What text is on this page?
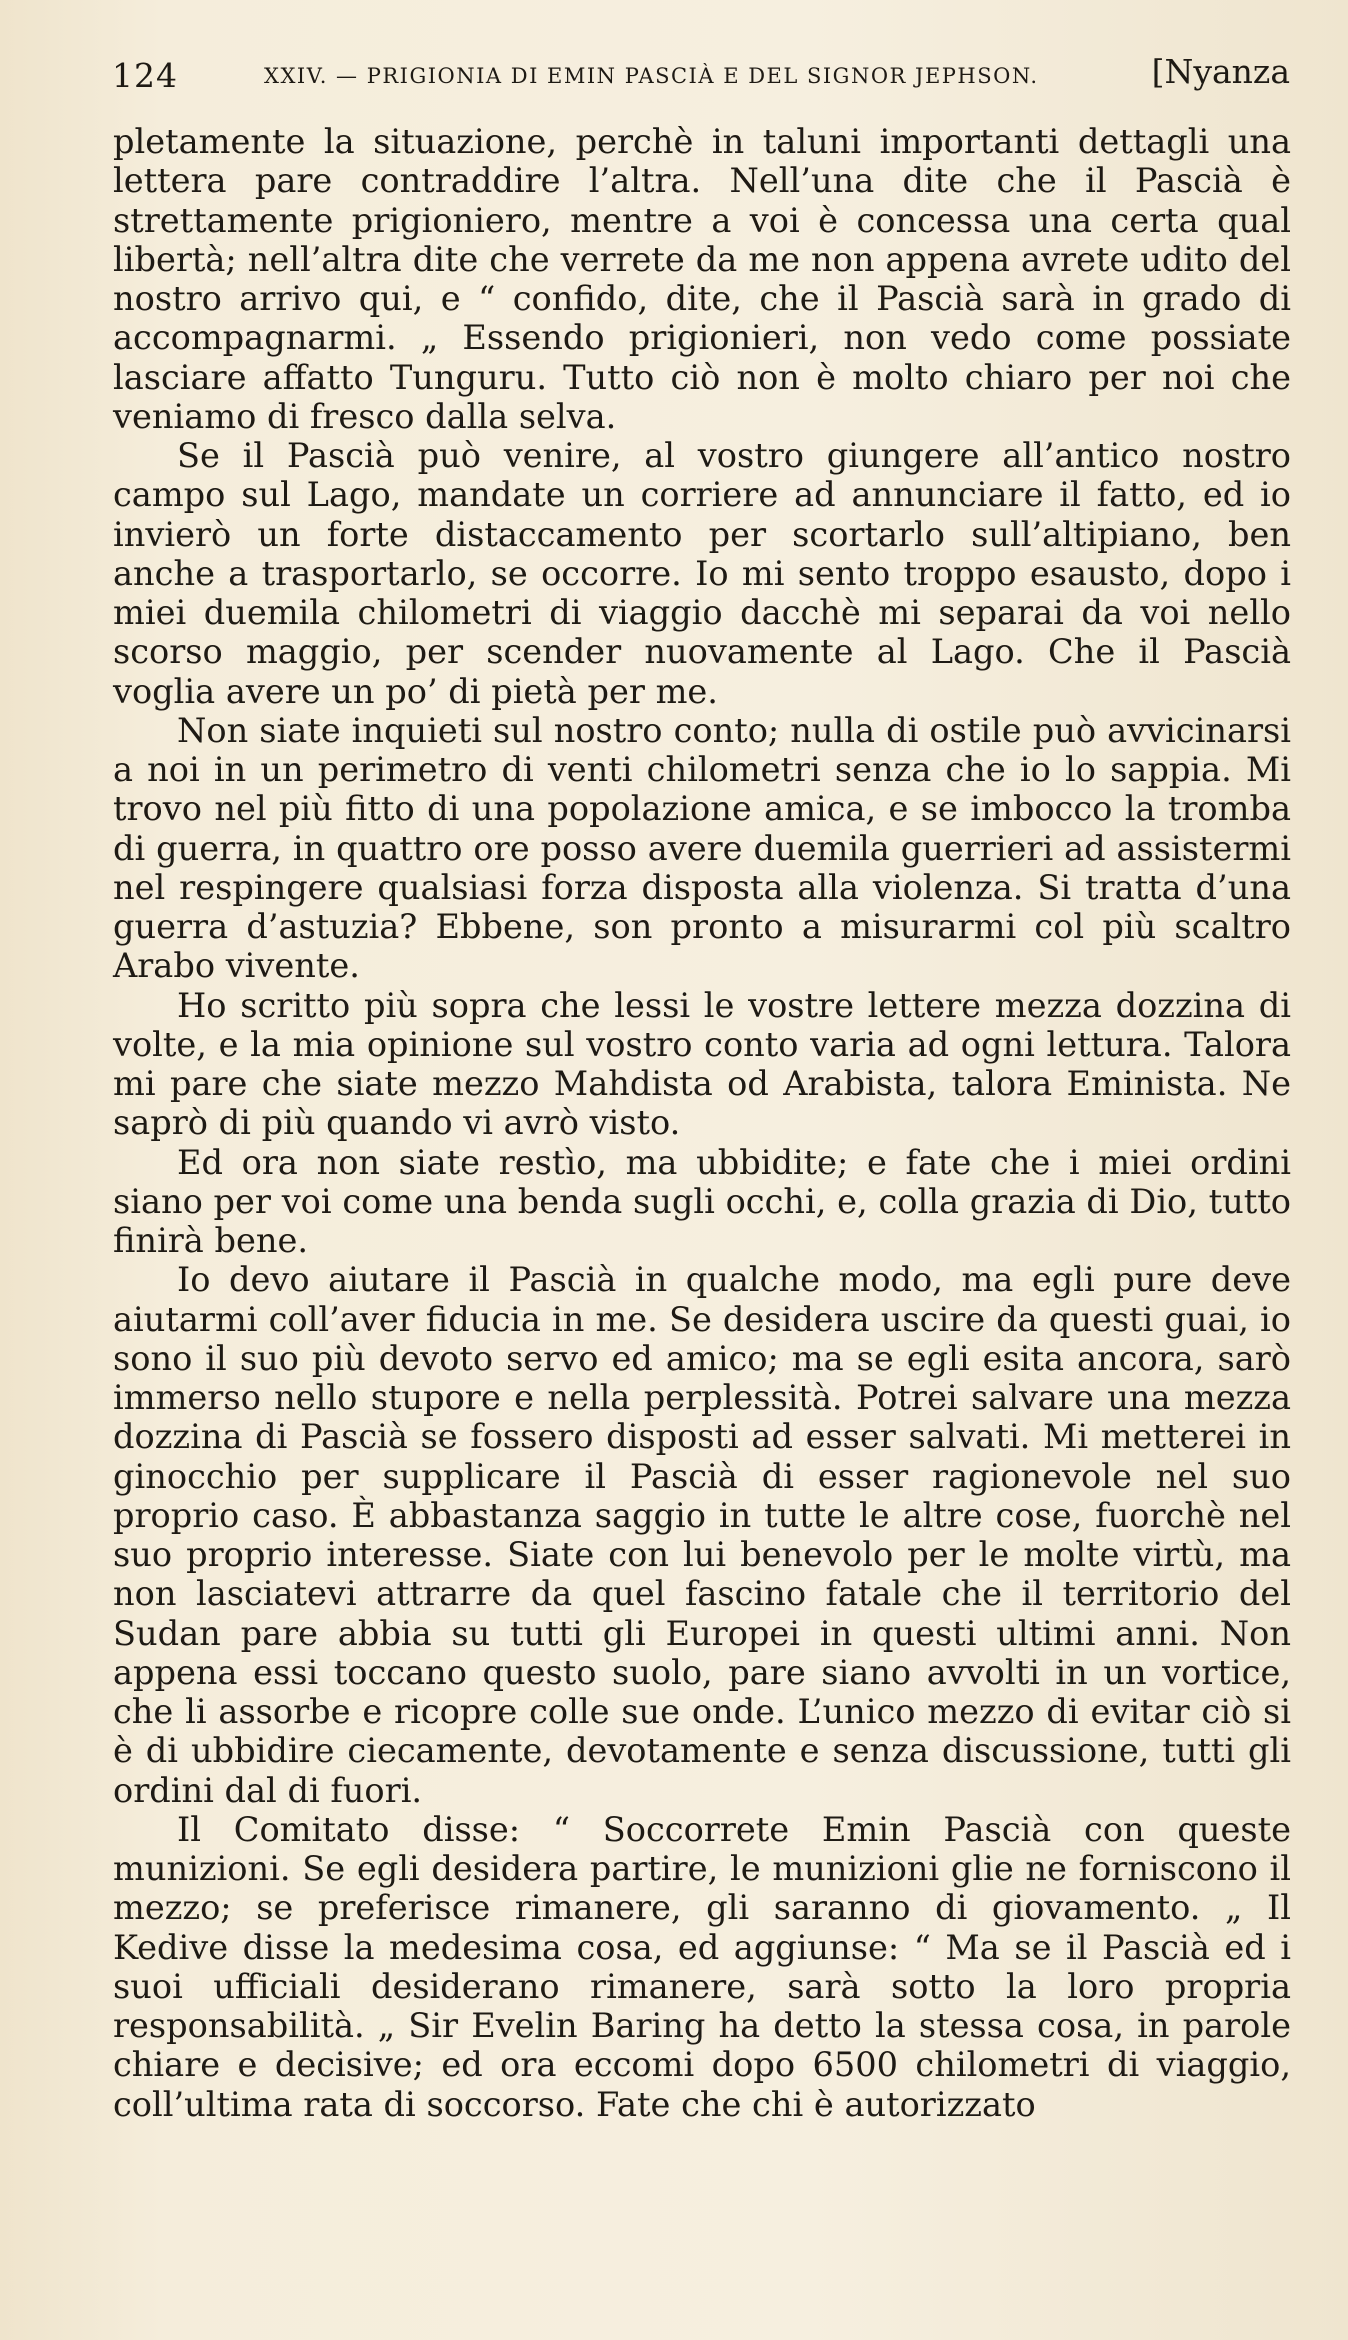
124	XXIV. — PRIGIONIA DI EMIN PASCIÀ E DEL SIGNOR JEPHSON.	[Nyanza

pletamente la situazione, perchè in taluni importanti dettagli una lettera pare contraddire l’altra. Nell’una dite che il Pascià è strettamente prigioniero, mentre a voi è concessa una certa qual libertà; nell’altra dite che verrete da me non appena avrete udito del nostro arrivo qui, e “ confido, dite, che il Pascià sarà in grado di accompagnarmi. „ Essendo prigionieri, non vedo come possiate lasciare affatto Tunguru. Tutto ciò non è molto chiaro per noi che veniamo di fresco dalla selva.

Se il Pascià può venire, al vostro giungere all’antico nostro campo sul Lago, mandate un corriere ad annunciare il fatto, ed io invierò un forte distaccamento per scortarlo sull’altipiano, ben anche a trasportarlo, se occorre. Io mi sento troppo esausto, dopo i miei duemila chilometri di viaggio dacchè mi separai da voi nello scorso maggio, per scender nuovamente al Lago. Che il Pascià voglia avere un po’ di pietà per me.

Non siate inquieti sul nostro conto; nulla di ostile può avvicinarsi a noi in un perimetro di venti chilometri senza che io lo sappia. Mi trovo nel più fitto di una popolazione amica, e se imbocco la tromba di guerra, in quattro ore posso avere duemila guerrieri ad assistermi nel respingere qualsiasi forza disposta alla violenza. Si tratta d’una guerra d’astuzia? Ebbene, son pronto a misurarmi col più scaltro Arabo vivente.

Ho scritto più sopra che lessi le vostre lettere mezza dozzina di volte, e la mia opinione sul vostro conto varia ad ogni lettura. Talora mi pare che siate mezzo Mahdista od Arabista, talora Eminista. Ne saprò di più quando vi avrò visto.

Ed ora non siate restìo, ma ubbidite; e fate che i miei ordini siano per voi come una benda sugli occhi, e, colla grazia di Dio, tutto finirà bene.

Io devo aiutare il Pascià in qualche modo, ma egli pure deve aiutarmi coll’aver fiducia in me. Se desidera uscire da questi guai, io sono il suo più devoto servo ed amico; ma se egli esita ancora, sarò immerso nello stupore e nella perplessità. Potrei salvare una mezza dozzina di Pascià se fossero disposti ad esser salvati. Mi metterei in ginocchio per supplicare il Pascià di esser ragionevole nel suo proprio caso. È abbastanza saggio in tutte le altre cose, fuorchè nel suo proprio interesse. Siate con lui benevolo per le molte virtù, ma non lasciatevi attrarre da quel fascino fatale che il territorio del Sudan pare abbia su tutti gli Europei in questi ultimi anni. Non appena essi toccano questo suolo, pare siano avvolti in un vortice, che li assorbe e ricopre colle sue onde. L’unico mezzo di evitar ciò si è di ubbidire ciecamente, devotamente e senza discussione, tutti gli ordini dal di fuori.

Il Comitato disse: “ Soccorrete Emin Pascià con queste munizioni. Se egli desidera partire, le munizioni glie ne forniscono il mezzo; se preferisce rimanere, gli saranno di giovamento. „ Il Kedive disse la medesima cosa, ed aggiunse: “ Ma se il Pascià ed i suoi ufficiali desiderano rimanere, sarà sotto la loro propria responsabilità. „ Sir Evelin Baring ha detto la stessa cosa, in parole chiare e decisive; ed ora eccomi dopo 6500 chilometri di viaggio, coll’ultima rata di soccorso. Fate che chi è autorizzato
